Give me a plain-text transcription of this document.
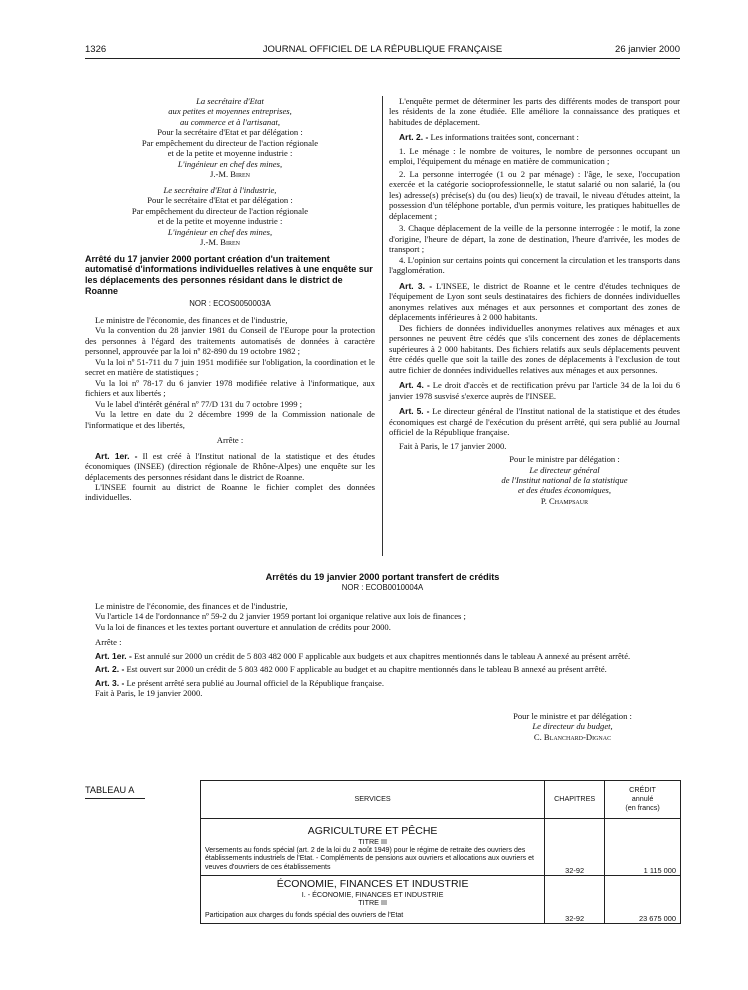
1326	JOURNAL OFFICIEL DE LA RÉPUBLIQUE FRANÇAISE	26 janvier 2000

La secrétaire d'Etat

aux petites et moyennes entreprises,

au commerce et à l'artisanat,

Pour la secrétaire d'Etat et par délégation :

Par empêchement du directeur de l'action régionale

et de la petite et moyenne industrie :

L'ingénieur en chef des mines,

J.-M. Biren

Le secrétaire d'Etat à l'industrie,

Pour le secrétaire d'Etat et par délégation :

Par empêchement du directeur de l'action régionale

et de la petite et moyenne industrie :

L'ingénieur en chef des mines,

J.-M. Biren

Arrêté du 17 janvier 2000 portant création d'un traitement automatisé d'informations individuelles relatives à une enquête sur les déplacements des personnes résidant dans le district de Roanne
NOR : ECOS0050003A

Le ministre de l'économie, des finances et de l'industrie,

Vu la convention du 28 janvier 1981 du Conseil de l'Europe pour la protection des personnes à l'égard des traitements automatisés de données à caractère personnel, approuvée par la loi nº 82-890 du 19 octobre 1982 ;

Vu la loi nº 51-711 du 7 juin 1951 modifiée sur l'obligation, la coordination et le secret en matière de statistiques ;

Vu la loi nº 78-17 du 6 janvier 1978 modifiée relative à l'informatique, aux fichiers et aux libertés ;

Vu le label d'intérêt général nº 77/D 131 du 7 octobre 1999 ;

Vu la lettre en date du 2 décembre 1999 de la Commission nationale de l'informatique et des libertés,

Arrête :

Art. 1er. - Il est créé à l'Institut national de la statistique et des études économiques (INSEE) (direction régionale de Rhône-Alpes) une enquête sur les déplacements des personnes résidant dans le district de Roanne.

L'INSEE fournit au district de Roanne le fichier complet des données individuelles.

L'enquête permet de déterminer les parts des différents modes de transport pour les résidents de la zone étudiée. Elle améliore la connaissance des pratiques et habitudes de déplacement.

Art. 2. - Les informations traitées sont, concernant :

1. Le ménage : le nombre de voitures, le nombre de personnes occupant un emploi, l'équipement du ménage en matière de communication ;

2. La personne interrogée (1 ou 2 par ménage) : l'âge, le sexe, l'occupation exercée et la catégorie socioprofessionnelle, le statut salarié ou non salarié, la (ou les) adresse(s) précise(s) du (ou des) lieu(x) de travail, le niveau d'études atteint, la possession d'un téléphone portable, d'un permis voiture, les pratiques habituelles de déplacement ;

3. Chaque déplacement de la veille de la personne interrogée : le motif, la zone d'origine, l'heure de départ, la zone de destination, l'heure d'arrivée, les modes de transport ;

4. L'opinion sur certains points qui concernent la circulation et les transports dans l'agglomération.

Art. 3. - L'INSEE, le district de Roanne et le centre d'études techniques de l'équipement de Lyon sont seuls destinataires des fichiers de données individuelles anonymes relatives aux ménages et aux personnes et comportant des zones de déplacements inférieures à 2 000 habitants.

Des fichiers de données individuelles anonymes relatives aux ménages et aux personnes ne peuvent être cédés que s'ils concernent des zones de déplacements supérieures à 2 000 habitants. Des fichiers relatifs aux seuls déplacements peuvent être cédés quelle que soit la taille des zones de déplacements à l'exclusion de tout autre fichier de données individuelles relatives aux ménages et aux personnes.

Art. 4. - Le droit d'accès et de rectification prévu par l'article 34 de la loi du 6 janvier 1978 susvisé s'exerce auprès de l'INSEE.

Art. 5. - Le directeur général de l'Institut national de la statistique et des études économiques est chargé de l'exécution du présent arrêté, qui sera publié au Journal officiel de la République française.

Fait à Paris, le 17 janvier 2000.

Pour le ministre par délégation :

Le directeur général

de l'Institut national de la statistique

et des études économiques,

P. Champsaur

Arrêtés du 19 janvier 2000 portant transfert de crédits
NOR : ECOB0010004A

Le ministre de l'économie, des finances et de l'industrie,

Vu l'article 14 de l'ordonnance nº 59-2 du 2 janvier 1959 portant loi organique relative aux lois de finances ;

Vu la loi de finances et les textes portant ouverture et annulation de crédits pour 2000.

Arrête :

Art. 1er. - Est annulé sur 2000 un crédit de 5 803 482 000 F applicable aux budgets et aux chapitres mentionnés dans le tableau A annexé au présent arrêté.

Art. 2. - Est ouvert sur 2000 un crédit de 5 803 482 000 F applicable au budget et au chapitre mentionnés dans le tableau B annexé au présent arrêté.

Art. 3. - Le présent arrêté sera publié au Journal officiel de la République française.

Fait à Paris, le 19 janvier 2000.

Pour le ministre et par délégation :

Le directeur du budget,

C. Blanchard-Dignac

TABLEAU A
SERVICES	CHAPITRES	CRÉDIT
annulé
(en francs)

AGRICULTURE ET PÊCHE
TITRE III
Versements au fonds spécial (art. 2 de la loi du 2 août 1949) pour le régime de retraite des ouvriers des établissements industriels de l'Etat. - Compléments de pensions aux ouvriers et allocations aux ouvriers et veuves d'ouvriers de ces établissements	32-92	1 115 000

ÉCONOMIE, FINANCES ET INDUSTRIE
I. - ÉCONOMIE, FINANCES ET INDUSTRIE
TITRE III
Participation aux charges du fonds spécial des ouvriers de l'Etat	32-92	23 675 000
